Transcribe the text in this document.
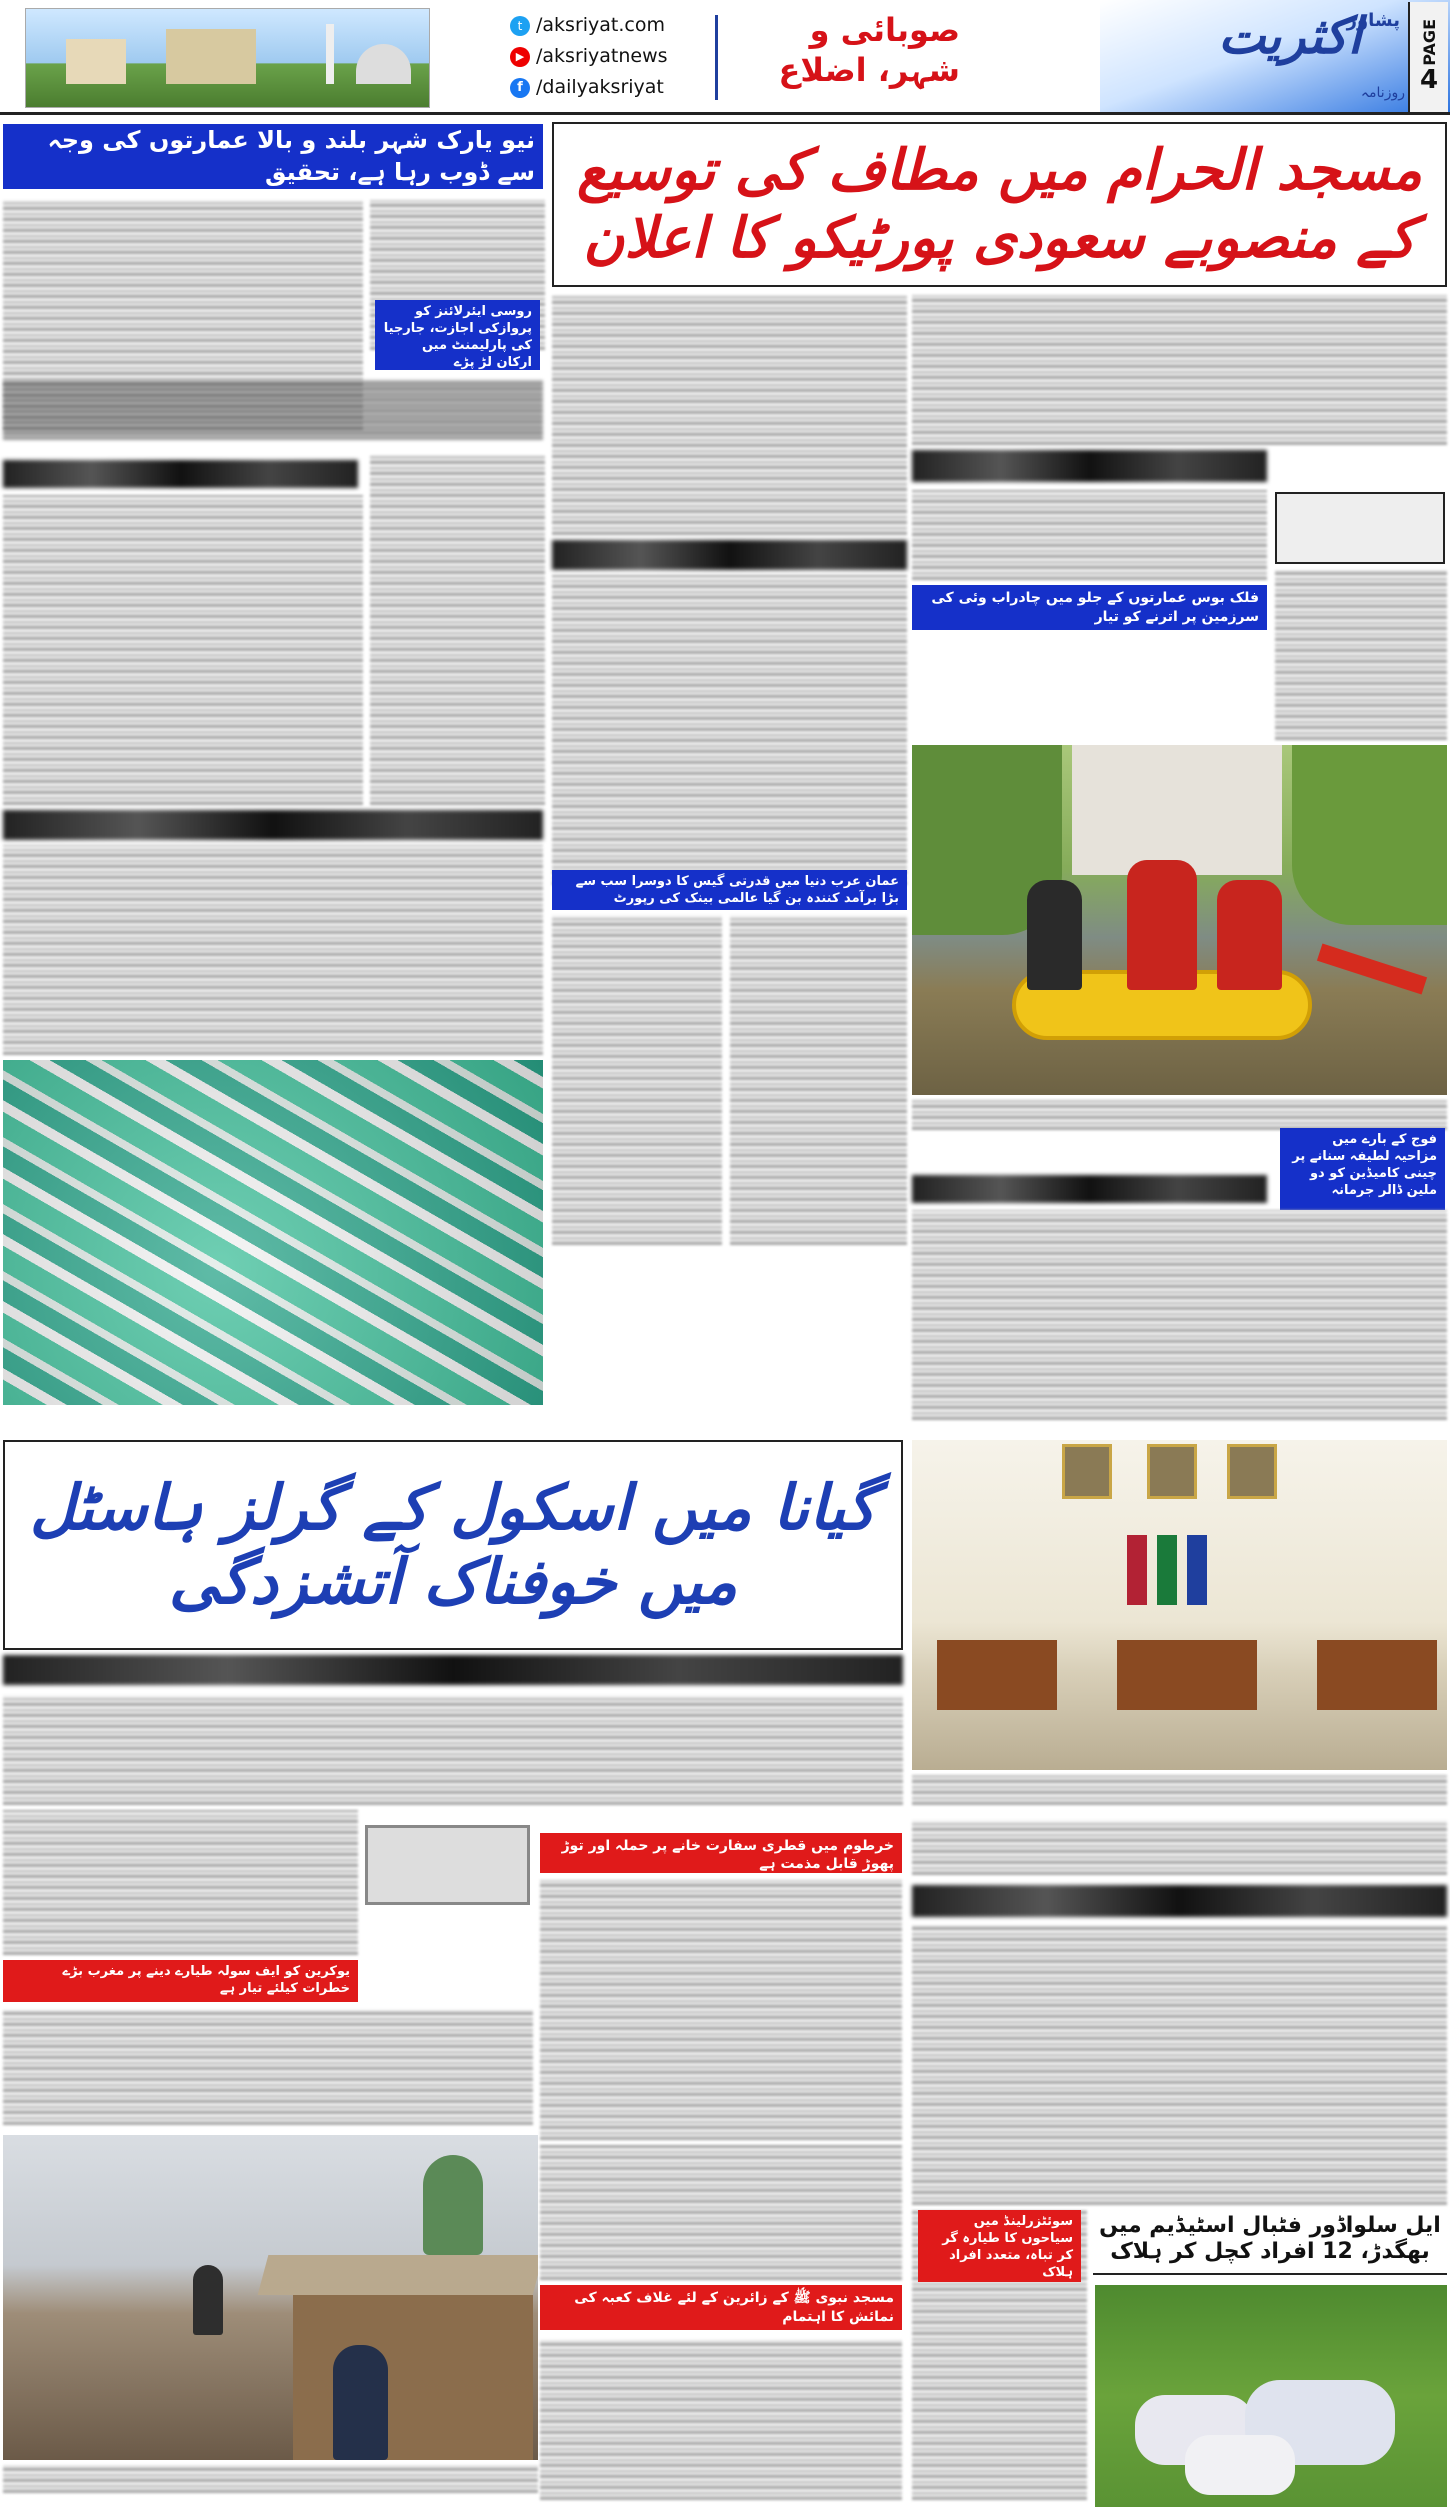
PAGE
4
اکثریت
پشاور
روزنامہ
صوبائی و
شہر، اضلاع
t /aksriyat.com
▶ /aksriyatnews
f /dailyaksriyat
مسجد الحرام میں مطاف کی توسیع کے منصوبے سعودی پورٹیکو کا اعلان
نیو یارک شہر بلند و بالا عمارتوں کی وجہ سے ڈوب رہا ہے، تحقیق
روسی ایئرلائنز کو پروازکی اجازت، جارجیا کی پارلیمنٹ میں ارکان لڑ پڑے
عمان عرب دنیا میں قدرتی گیس کا دوسرا سب سے بڑا برآمد کنندہ بن گیا عالمی بینک کی رپورٹ
فلک بوس عمارتوں کے جلو میں چادراب وئی کی سرزمین پر اترنے کو تیار
فوج کے بارے میں مزاحیہ لطیفہ سنانے پر چینی کامیڈین کو دو ملین ڈالر جرمانہ
گیانا میں اسکول کے گرلز ہاسٹل میں خوفناک آتشزدگی
خرطوم میں قطری سفارت خانے پر حملہ اور توڑ پھوڑ قابل مذمت ہے
یوکرین کو ایف سولہ طیارے دینے پر مغرب بڑے خطرات کیلئے تیار ہے
مسجد نبوی ﷺ کے زائرین کے لئے غلاف کعبہ کی نمائش کا اہتمام
سوئٹزرلینڈ میں سیاحوں کا طیارہ گر کر تباہ، متعدد افراد ہلاک
ایل سلواڈور فٹبال اسٹیڈیم میں بھگدڑ، 12 افراد کچل کر ہلاک
